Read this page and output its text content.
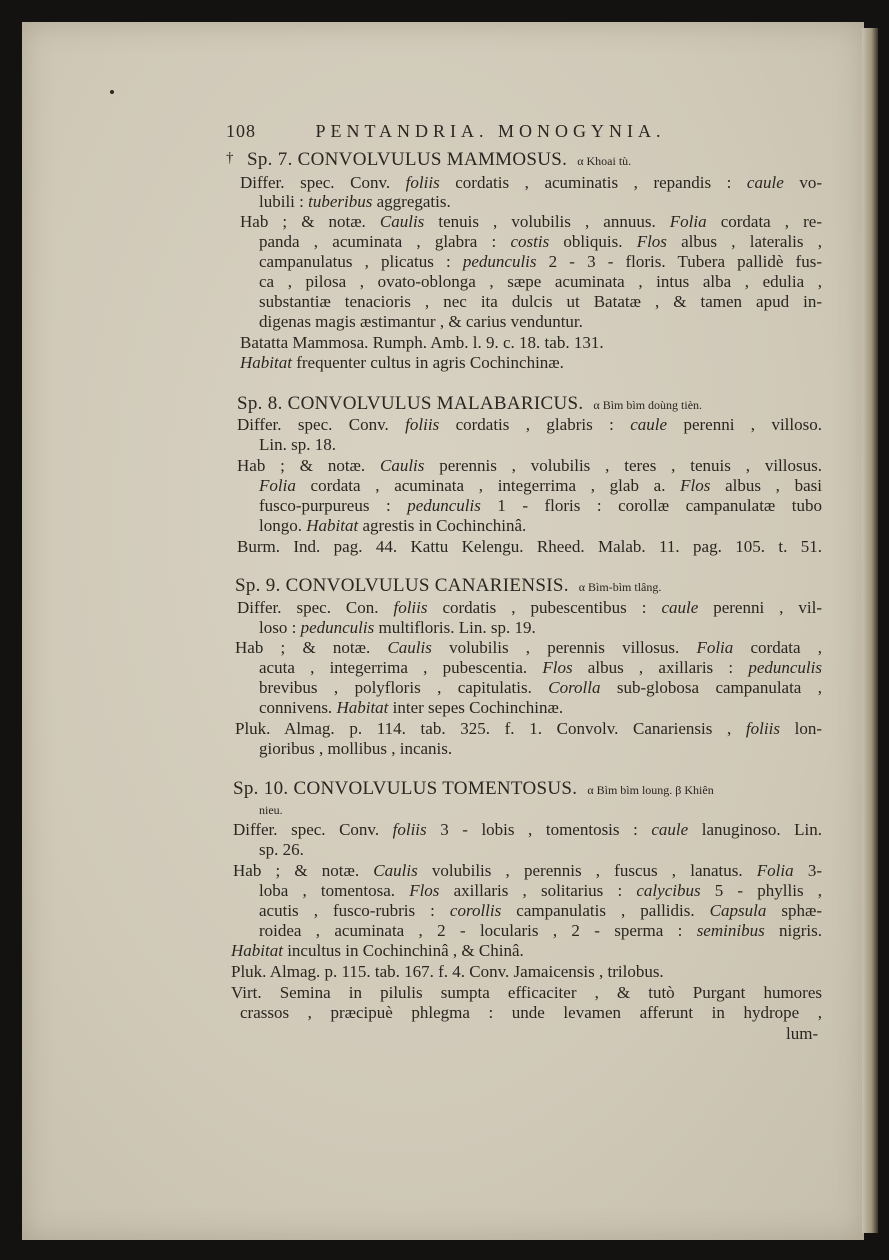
108	PENTANDRIA. MONOGYNIA.
† Sp. 7. CONVOLVULUS MAMMOSUS. α Khoai tù.
Differ. spec. Conv. foliis cordatis , acuminatis , repandis : caule vo-
lubili : tuberibus aggregatis.
Hab ; & notæ. Caulis tenuis , volubilis , annuus. Folia cordata , re-
panda , acuminata , glabra : costis obliquis. Flos albus , lateralis ,
campanulatus , plicatus : pedunculis 2 - 3 - floris. Tubera pallidè fus-
ca , pilosa , ovato-oblonga , sæpe acuminata , intus alba , edulia ,
substantiæ tenacioris , nec ita dulcis ut Batatæ , & tamen apud in-
digenas magis æstimantur , & carius venduntur.
Batatta Mammosa. Rumph. Amb. l. 9. c. 18. tab. 131.
Habitat frequenter cultus in agris Cochinchinæ.
Sp. 8. CONVOLVULUS MALABARICUS. α Bìm bìm doùng tièn.
Differ. spec. Conv. foliis cordatis , glabris : caule perenni , villoso.
Lin. sp. 18.
Hab ; & notæ. Caulis perennis , volubilis , teres , tenuis , villosus.
Folia cordata , acuminata , integerrima , glab a. Flos albus , basi
fusco-purpureus : pedunculis 1 - floris : corollæ campanulatæ tubo
longo. Habitat agrestis in Cochinchinâ.
Burm. Ind. pag. 44. Kattu Kelengu. Rheed. Malab. 11. pag. 105. t. 51.
Sp. 9. CONVOLVULUS CANARIENSIS. α Bìm-bìm tlâng.
Differ. spec. Con. foliis cordatis , pubescentibus : caule perenni , vil-
loso : pedunculis multifloris. Lin. sp. 19.
Hab ; & notæ. Caulis volubilis , perennis villosus. Folia cordata ,
acuta , integerrima , pubescentia. Flos albus , axillaris : pedunculis
brevibus , polyfloris , capitulatis. Corolla sub-globosa campanulata ,
connivens. Habitat inter sepes Cochinchinæ.
Pluk. Almag. p. 114. tab. 325. f. 1. Convolv. Canariensis , foliis lon-
gioribus , mollibus , incanis.
Sp. 10. CONVOLVULUS TOMENTOSUS. α Bìm bìm loung. β Khiên
nieu.
Differ. spec. Conv. foliis 3 - lobis , tomentosis : caule lanuginoso. Lin.
sp. 26.
Hab ; & notæ. Caulis volubilis , perennis , fuscus , lanatus. Folia 3-
loba , tomentosa. Flos axillaris , solitarius : calycibus 5 - phyllis ,
acutis , fusco-rubris : corollis campanulatis , pallidis. Capsula sphæ-
roidea , acuminata , 2 - locularis , 2 - sperma : seminibus nigris.
Habitat incultus in Cochinchinâ , & Chinâ.
Pluk. Almag. p. 115. tab. 167. f. 4. Conv. Jamaicensis , trilobus.
Virt. Semina in pilulis sumpta efficaciter , & tutò Purgant humores
crassos , præcipuè phlegma : unde levamen afferunt in hydrope ,
lum-
